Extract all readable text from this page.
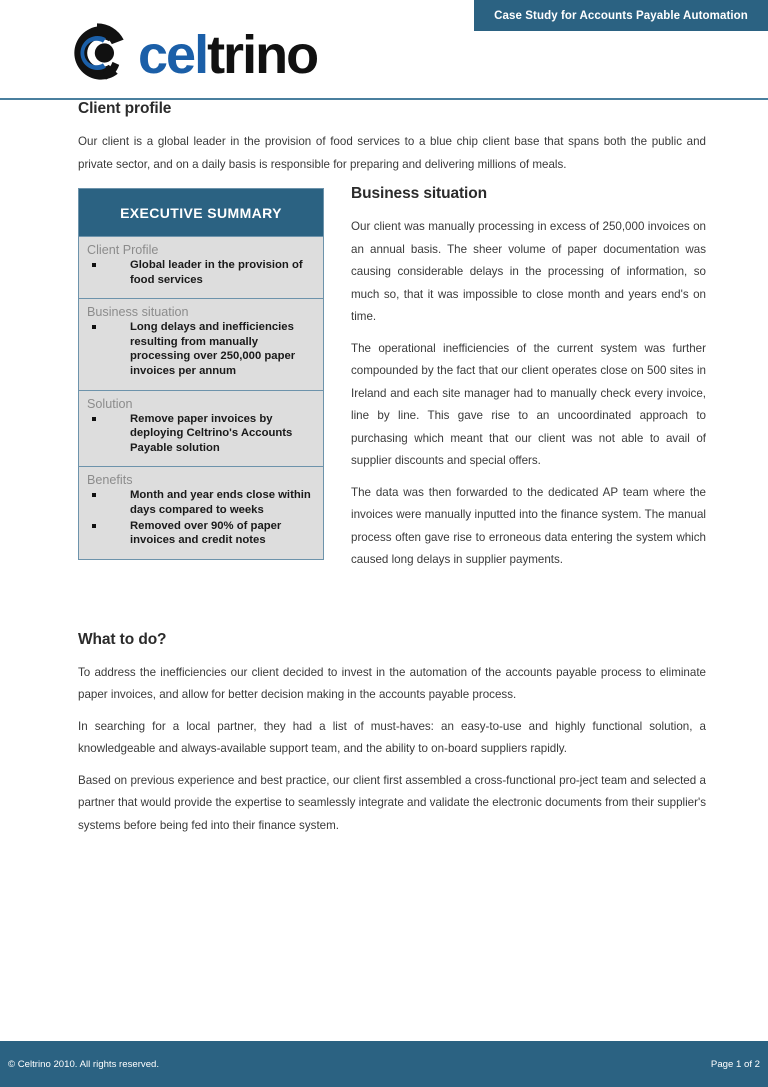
Case Study for Accounts Payable Automation
celtrino
Client profile

Our client is a global leader in the provision of food services to a blue chip client base that spans both the public and private sector, and on a daily basis is responsible for preparing and delivering millions of meals.

EXECUTIVE SUMMARY

Client Profile

Global leader in the provision of food services

Business situation

Long delays and inefficiencies resulting from manually processing over 250,000 paper invoices per annum

Solution

Remove paper invoices by deploying Celtrino's Accounts Payable solution

Benefits

Month and year ends close within days compared to weeks
Removed over 90% of paper invoices and credit notes
Business situation

Our client was manually processing in excess of 250,000 invoices on an annual basis. The sheer volume of paper documentation was causing considerable delays in the processing of information, so much so, that it was impossible to close month and years end's on time.

The operational inefficiencies of the current system was further compounded by the fact that our client operates close on 500 sites in Ireland and each site manager had to manually check every invoice, line by line. This gave rise to an uncoordinated approach to purchasing which meant that our client was not able to avail of supplier discounts and special offers.

The data was then forwarded to the dedicated AP team where the invoices were manually inputted into the finance system. The manual process often gave rise to erroneous data entering the system which caused long delays in supplier payments.

What to do?

To address the inefficiencies our client decided to invest in the automation of the accounts payable process to eliminate paper invoices, and allow for better decision making in the accounts payable process.

In searching for a local partner, they had a list of must-haves: an easy-to-use and highly functional solution, a knowledgeable and always-available support team, and the ability to on-board suppliers rapidly.

Based on previous experience and best practice, our client first assembled a cross-functional pro-ject team and selected a partner that would provide the expertise to seamlessly integrate and validate the electronic documents from their supplier's systems before being fed into their finance system.

© Celtrino 2010. All rights reserved.	Page 1 of 2
